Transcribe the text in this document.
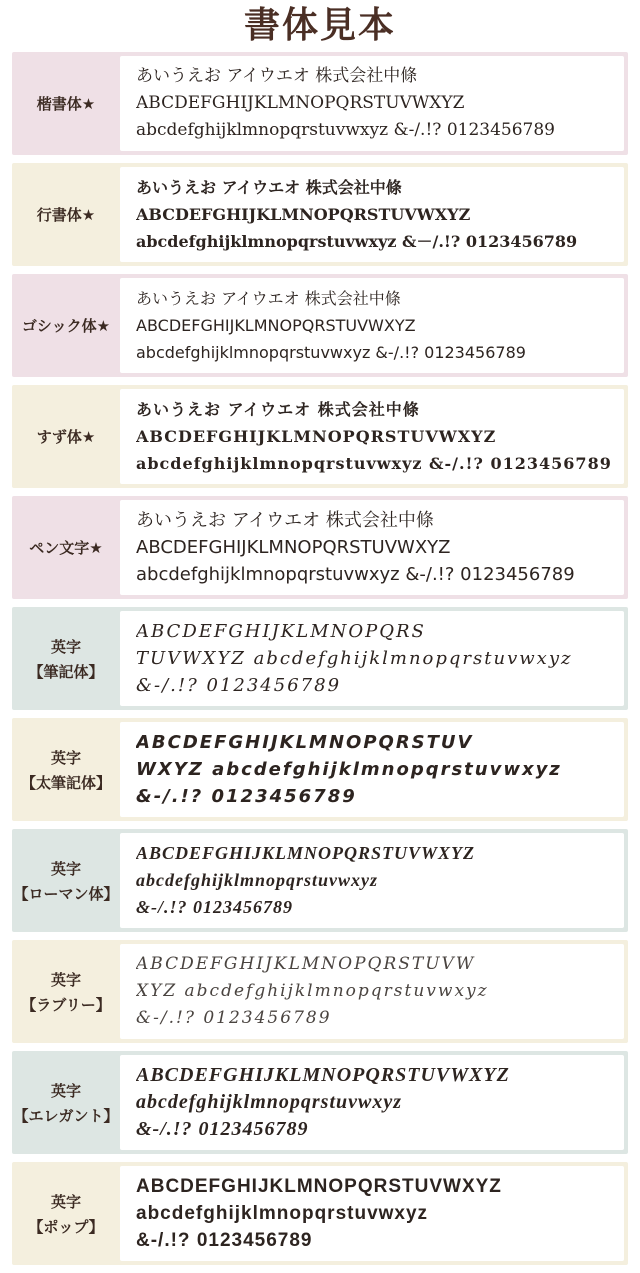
書体見本
楷書体★
あいうえお アイウエオ 株式会社中條
ABCDEFGHIJKLMNOPQRSTUVWXYZ
abcdefghijklmnopqrstuvwxyz &-/.!? 0123456789
行書体★
あいうえお アイウエオ 株式会社中條
ABCDEFGHIJKLMNOPQRSTUVWXYZ
abcdefghijklmnopqrstuvwxyz &－/.!? 0123456789
ゴシック体★
あいうえお アイウエオ 株式会社中條
ABCDEFGHIJKLMNOPQRSTUVWXYZ
abcdefghijklmnopqrstuvwxyz &-/.!? 0123456789
すず体★
あいうえお アイウエオ 株式会社中條
ABCDEFGHIJKLMNOPQRSTUVWXYZ
abcdefghijklmnopqrstuvwxyz &-/.!? 0123456789
ペン文字★
あいうえお アイウエオ 株式会社中條
ABCDEFGHIJKLMNOPQRSTUVWXYZ
abcdefghijklmnopqrstuvwxyz &-/.!? 0123456789
英字
【筆記体】
ABCDEFGHIJKLMNOPQRS
TUVWXYZ abcdefghijklmnopqrstuvwxyz
&-/.!? 0123456789
英字
【太筆記体】
ABCDEFGHIJKLMNOPQRSTUV
WXYZ abcdefghijklmnopqrstuvwxyz
&-/.!? 0123456789
英字
【ローマン体】
ABCDEFGHIJKLMNOPQRSTUVWXYZ
abcdefghijklmnopqrstuvwxyz
&-/.!? 0123456789
英字
【ラブリー】
ABCDEFGHIJKLMNOPQRSTUVW
XYZ abcdefghijklmnopqrstuvwxyz
&-/.!? 0123456789
英字
【エレガント】
ABCDEFGHIJKLMNOPQRSTUVWXYZ
abcdefghijklmnopqrstuvwxyz
&-/.!? 0123456789
英字
【ポップ】
ABCDEFGHIJKLMNOPQRSTUVWXYZ
abcdefghijklmnopqrstuvwxyz
&-/.!? 0123456789
